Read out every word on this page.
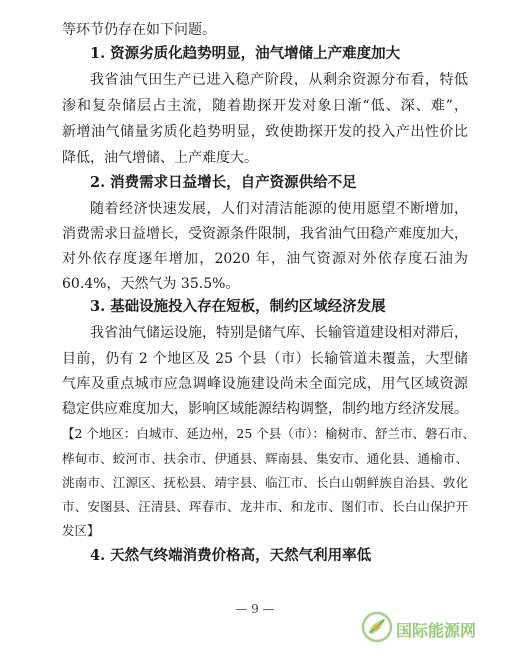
等环节仍存在如下问题。
1. 资源劣质化趋势明显，油气增储上产难度加大
我省油气田生产已进入稳产阶段，从剩余资源分布看，特低
渗和复杂储层占主流，随着勘探开发对象日渐“低、深、难”，
新增油气储量劣质化趋势明显，致使勘探开发的投入产出性价比
降低，油气增储、上产难度大。
2. 消费需求日益增长，自产资源供给不足
随着经济快速发展，人们对清洁能源的使用愿望不断增加，
消费需求日益增长，受资源条件限制，我省油气田稳产难度加大，
对外依存度逐年增加，2020 年，油气资源对外依存度石油为
60.4%，天然气为 35.5%。
3. 基础设施投入存在短板，制约区域经济发展
我省油气储运设施，特别是储气库、长输管道建设相对滞后，
目前，仍有 2 个地区及 25 个县（市）长输管道未覆盖，大型储
气库及重点城市应急调峰设施建设尚未全面完成，用气区域资源
稳定供应难度加大，影响区域能源结构调整，制约地方经济发展。
【2 个地区：白城市、延边州，25 个县（市）：榆树市、舒兰市、磐石市、
桦甸市、蛟河市、扶余市、伊通县、辉南县、集安市、通化县、通榆市、
洮南市、江源区、抚松县、靖宇县、临江市、长白山朝鲜族自治县、敦化
市、安图县、汪清县、珲春市、龙井市、和龙市、图们市、长白山保护开
发区】
4. 天然气终端消费价格高，天然气利用率低
— 9 —
国际能源网
